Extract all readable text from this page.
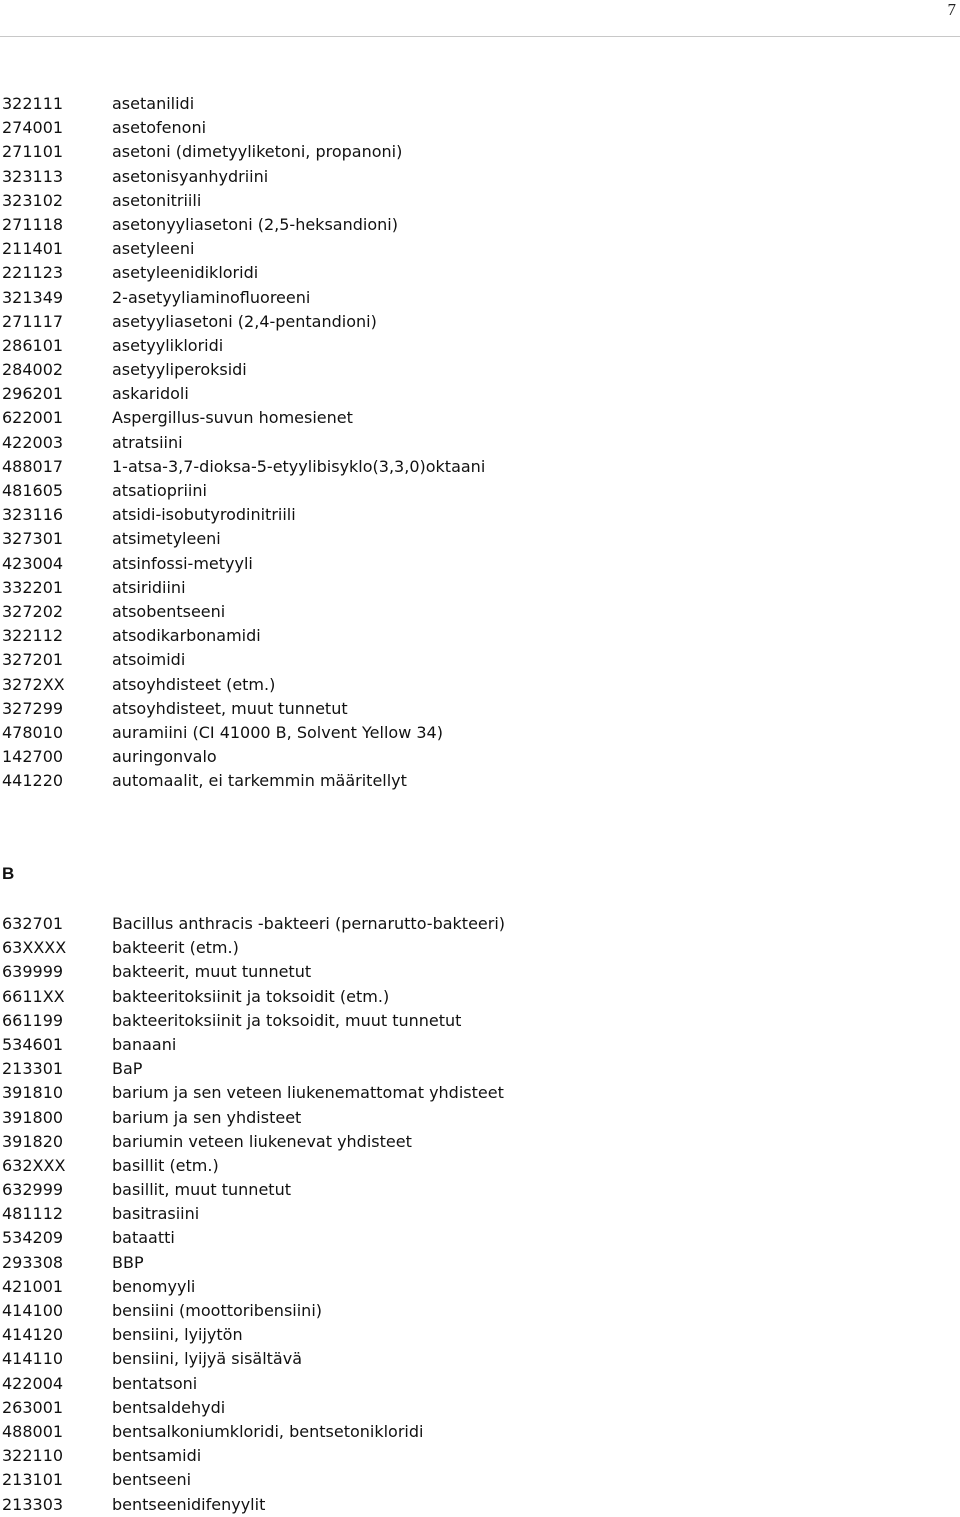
7
322111	asetanilidi
274001	asetofenoni
271101	asetoni (dimetyyliketoni, propanoni)
323113	asetonisyanhydriini
323102	asetonitriili
271118	asetonyyliasetoni (2,5-heksandioni)
211401	asetyleeni
221123	asetyleenidikloridi
321349	2-asetyyliaminofluoreeni
271117	asetyyliasetoni (2,4-pentandioni)
286101	asetyylikloridi
284002	asetyyliperoksidi
296201	askaridoli
622001	Aspergillus-suvun homesienet
422003	atratsiini
488017	1-atsa-3,7-dioksa-5-etyylibisyklo(3,3,0)oktaani
481605	atsatiopriini
323116	atsidi-isobutyrodinitriili
327301	atsimetyleeni
423004	atsinfossi-metyyli
332201	atsiridiini
327202	atsobentseeni
322112	atsodikarbonamidi
327201	atsoimidi
3272XX	atsoyhdisteet (etm.)
327299	atsoyhdisteet, muut tunnetut
478010	auramiini (CI 41000 B, Solvent Yellow 34)
142700	auringonvalo
441220	automaalit, ei tarkemmin määritellyt
B
632701	Bacillus anthracis -bakteeri (pernarutto-bakteeri)
63XXXX	bakteerit (etm.)
639999	bakteerit, muut tunnetut
6611XX	bakteeritoksiinit ja toksoidit (etm.)
661199	bakteeritoksiinit ja toksoidit, muut tunnetut
534601	banaani
213301	BaP
391810	barium ja sen veteen liukenemattomat yhdisteet
391800	barium ja sen yhdisteet
391820	bariumin veteen liukenevat yhdisteet
632XXX	basillit (etm.)
632999	basillit, muut tunnetut
481112	basitrasiini
534209	bataatti
293308	BBP
421001	benomyyli
414100	bensiini (moottoribensiini)
414120	bensiini, lyijytön
414110	bensiini, lyijyä sisältävä
422004	bentatsoni
263001	bentsaldehydi
488001	bentsalkoniumkloridi, bentsetonikloridi
322110	bentsamidi
213101	bentseeni
213303	bentseenidifenyylit
